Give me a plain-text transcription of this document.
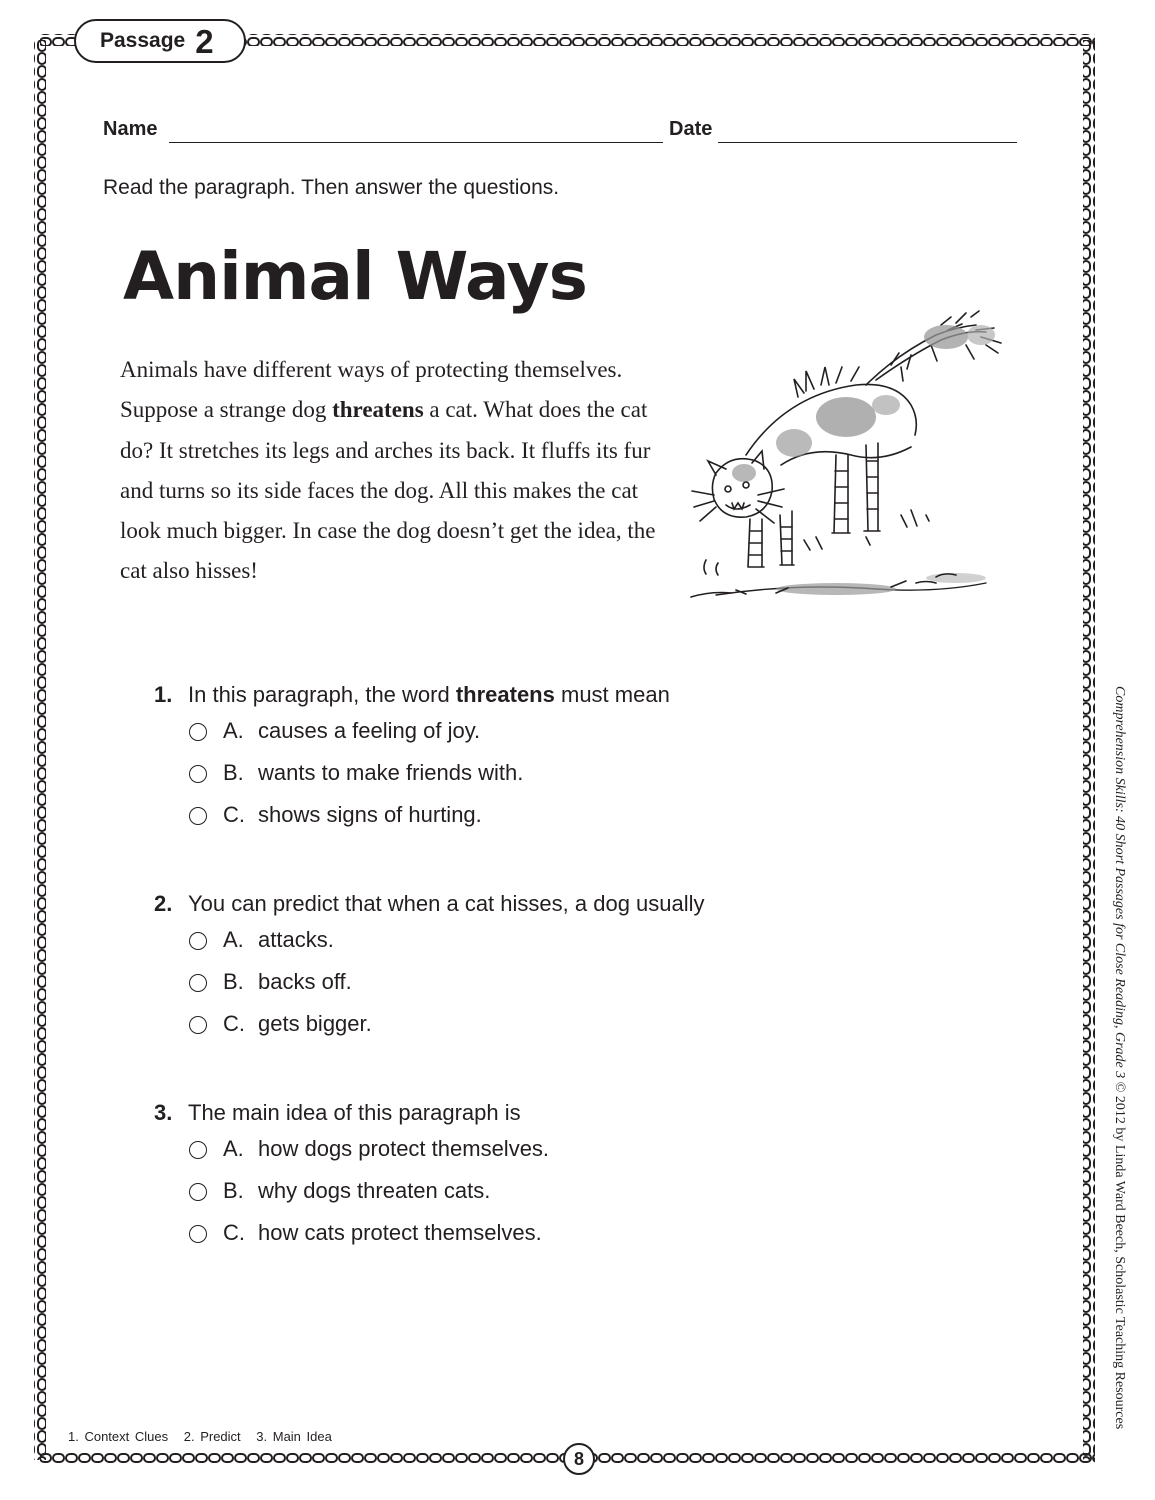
Passage 2
Name	Date
Read the paragraph. Then answer the questions.
Animal Ways
Animals have different ways of protecting themselves. Suppose a strange dog threatens a cat. What does the cat do? It stretches its legs and arches its back. It fluffs its fur and turns so its side faces the dog. All this makes the cat look much bigger. In case the dog doesn’t get the idea, the cat also hisses!
1. In this paragraph, the word threatens must mean
A. causes a feeling of joy.
B. wants to make friends with.
C. shows signs of hurting.
2. You can predict that when a cat hisses, a dog usually
A. attacks.
B. backs off.
C. gets bigger.
3. The main idea of this paragraph is
A. how dogs protect themselves.
B. why dogs threaten cats.
C. how cats protect themselves.
1. Context Clues 2. Predict 3. Main Idea
8
Comprehension Skills: 40 Short Passages for Close Reading, Grade 3 © 2012 by Linda Ward Beech, Scholastic Teaching Resources
